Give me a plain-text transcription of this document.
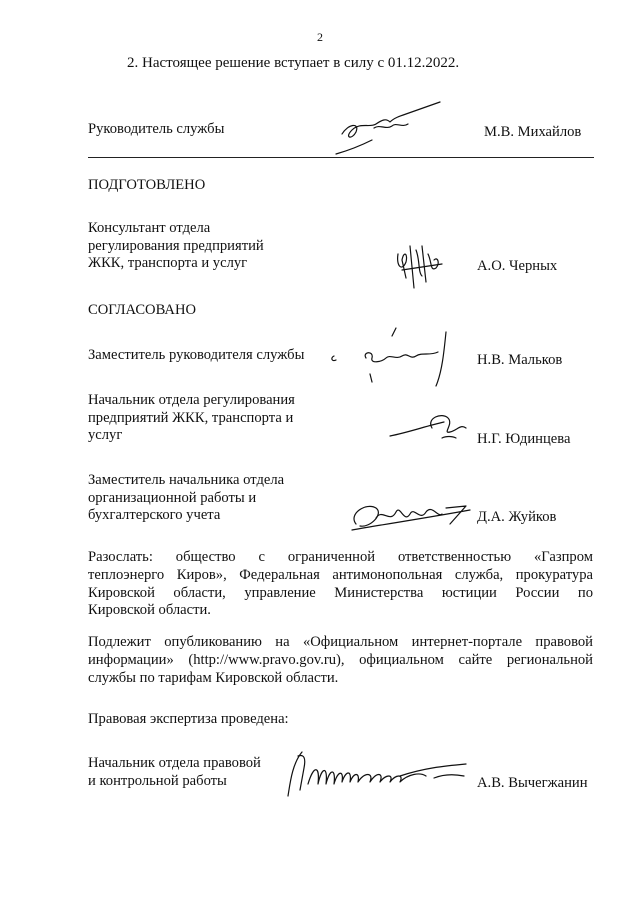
2
2. Настоящее решение вступает в силу с 01.12.2022.
Руководитель службы	М.В. Михайлов
ПОДГОТОВЛЕНО
Консультант отдела
регулирования предприятий
ЖКК, транспорта и услуг	А.О. Черных
СОГЛАСОВАНО
Заместитель руководителя службы	Н.В. Мальков
Начальник отдела регулирования
предприятий ЖКК, транспорта и
услуг	Н.Г. Юдинцева
Заместитель начальника отдела
организационной работы и
бухгалтерского учета	Д.А. Жуйков
Разослать: общество с ограниченной ответственностью «Газпром
теплоэнерго Киров», Федеральная антимонопольная служба, прокуратура
Кировской области, управление Министерства юстиции России по
Кировской области.
Подлежит опубликованию на «Официальном интернет-портале правовой
информации» (http://www.pravo.gov.ru), официальном сайте региональной
службы по тарифам Кировской области.
Правовая экспертиза проведена:
Начальник отдела правовой
и контрольной работы	А.В. Вычегжанин
